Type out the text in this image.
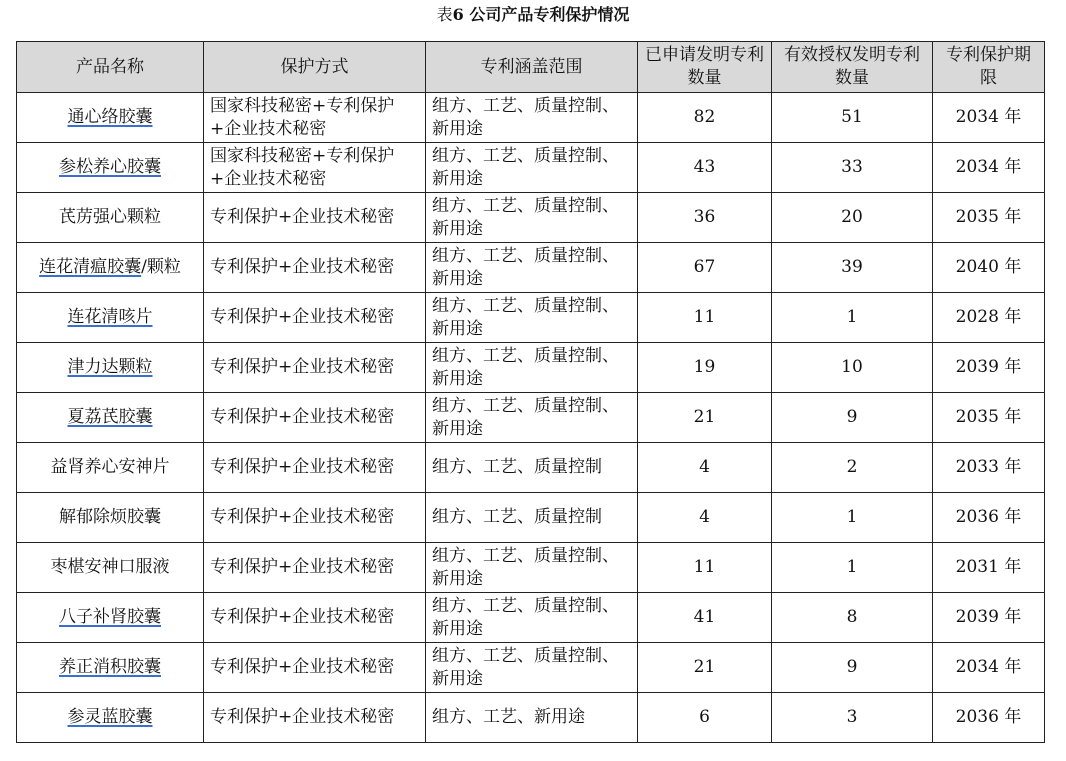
表6 公司产品专利保护情况
产品名称	保护方式	专利涵盖范围	已申请发明专利数量	有效授权发明专利数量	专利保护期限
通心络胶囊	国家科技秘密+专利保护+企业技术秘密	组方、工艺、质量控制、新用途	82	51	2034 年
参松养心胶囊	国家科技秘密+专利保护+企业技术秘密	组方、工艺、质量控制、新用途	43	33	2034 年
芪苈强心颗粒	专利保护+企业技术秘密	组方、工艺、质量控制、新用途	36	20	2035 年
连花清瘟胶囊/颗粒	专利保护+企业技术秘密	组方、工艺、质量控制、新用途	67	39	2040 年
连花清咳片	专利保护+企业技术秘密	组方、工艺、质量控制、新用途	11	1	2028 年
津力达颗粒	专利保护+企业技术秘密	组方、工艺、质量控制、新用途	19	10	2039 年
夏荔芪胶囊	专利保护+企业技术秘密	组方、工艺、质量控制、新用途	21	9	2035 年
益肾养心安神片	专利保护+企业技术秘密	组方、工艺、质量控制	4	2	2033 年
解郁除烦胶囊	专利保护+企业技术秘密	组方、工艺、质量控制	4	1	2036 年
枣椹安神口服液	专利保护+企业技术秘密	组方、工艺、质量控制、新用途	11	1	2031 年
八子补肾胶囊	专利保护+企业技术秘密	组方、工艺、质量控制、新用途	41	8	2039 年
养正消积胶囊	专利保护+企业技术秘密	组方、工艺、质量控制、新用途	21	9	2034 年
参灵蓝胶囊	专利保护+企业技术秘密	组方、工艺、新用途	6	3	2036 年
